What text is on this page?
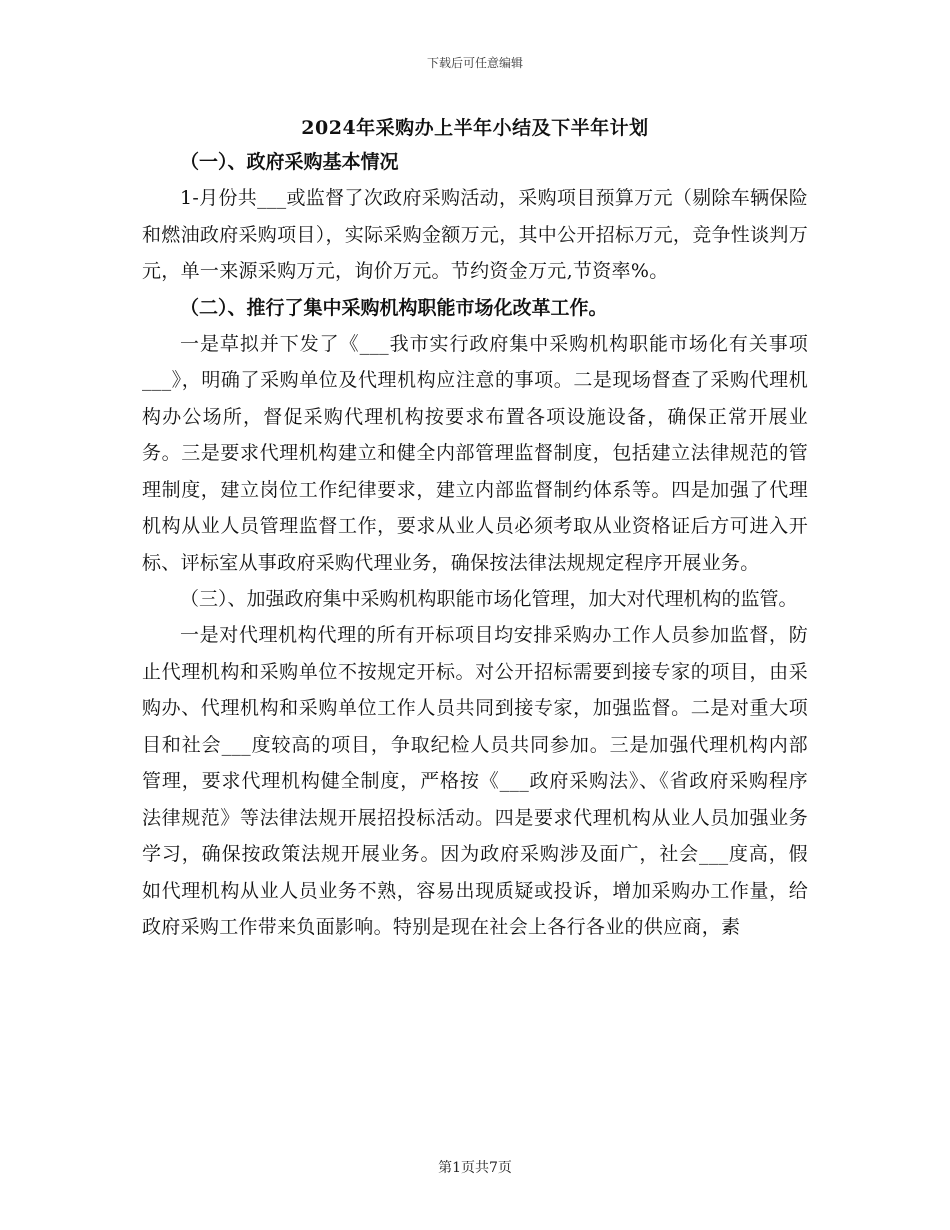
下载后可任意编辑

2024年采购办上半年小结及下半年计划

（一）、政府采购基本情况

1-月份共___或监督了次政府采购活动，采购项目预算万元（剔除车辆保险和燃油政府采购项目），实际采购金额万元，其中公开招标万元，竞争性谈判万元，单一来源采购万元，询价万元。节约资金万元,节资率%。

（二）、推行了集中采购机构职能市场化改革工作。

一是草拟并下发了《___我市实行政府集中采购机构职能市场化有关事项___》，明确了采购单位及代理机构应注意的事项。二是现场督查了采购代理机构办公场所，督促采购代理机构按要求布置各项设施设备，确保正常开展业务。三是要求代理机构建立和健全内部管理监督制度，包括建立法律规范的管理制度，建立岗位工作纪律要求，建立内部监督制约体系等。四是加强了代理机构从业人员管理监督工作，要求从业人员必须考取从业资格证后方可进入开标、评标室从事政府采购代理业务，确保按法律法规规定程序开展业务。

（三）、加强政府集中采购机构职能市场化管理，加大对代理机构的监管。

一是对代理机构代理的所有开标项目均安排采购办工作人员参加监督，防止代理机构和采购单位不按规定开标。对公开招标需要到接专家的项目，由采购办、代理机构和采购单位工作人员共同到接专家，加强监督。二是对重大项目和社会___度较高的项目，争取纪检人员共同参加。三是加强代理机构内部管理，要求代理机构健全制度，严格按《___政府采购法》、《省政府采购程序法律规范》等法律法规开展招投标活动。四是要求代理机构从业人员加强业务学习，确保按政策法规开展业务。因为政府采购涉及面广，社会___度高，假如代理机构从业人员业务不熟，容易出现质疑或投诉，增加采购办工作量，给政府采购工作带来负面影响。特别是现在社会上各行各业的供应商，素

第1页共7页
